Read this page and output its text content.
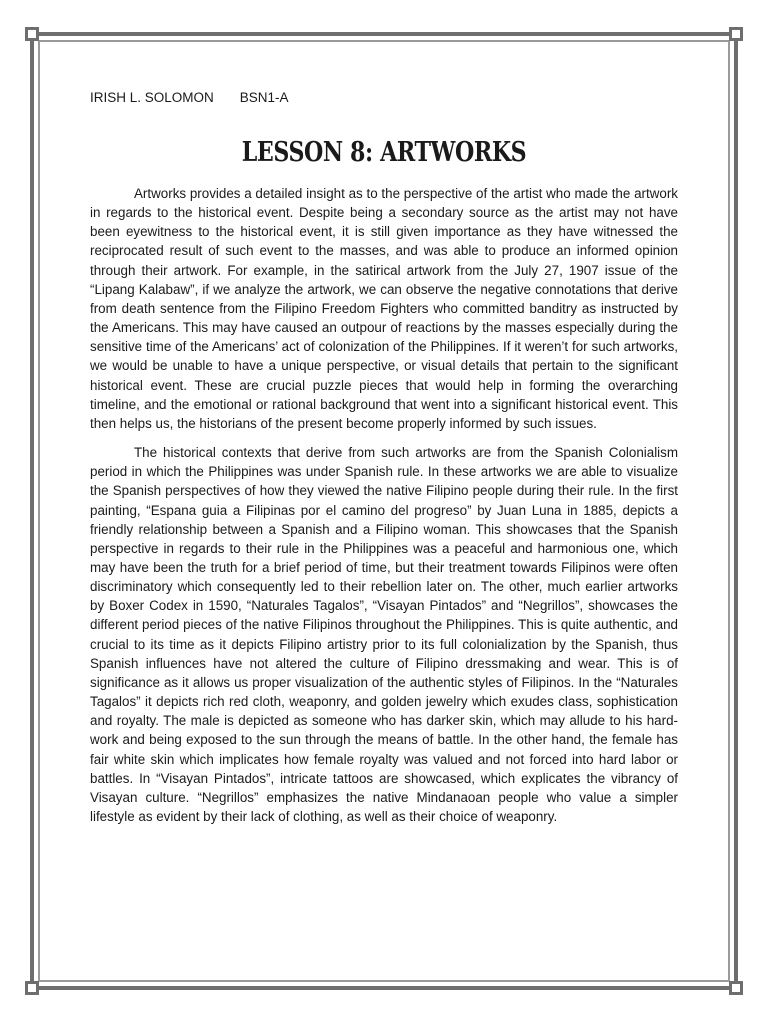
IRISH L. SOLOMON BSN1-A
LESSON 8: ARTWORKS

Artworks provides a detailed insight as to the perspective of the artist who made the artwork in regards to the historical event. Despite being a secondary source as the artist may not have been eyewitness to the historical event, it is still given importance as they have witnessed the reciprocated result of such event to the masses, and was able to produce an informed opinion through their artwork. For example, in the satirical artwork from the July 27, 1907 issue of the “Lipang Kalabaw”, if we analyze the artwork, we can observe the negative connotations that derive from death sentence from the Filipino Freedom Fighters who committed banditry as instructed by the Americans. This may have caused an outpour of reactions by the masses especially during the sensitive time of the Americans’ act of colonization of the Philippines. If it weren’t for such artworks, we would be unable to have a unique perspective, or visual details that pertain to the significant historical event. These are crucial puzzle pieces that would help in forming the overarching timeline, and the emotional or rational background that went into a significant historical event. This then helps us, the historians of the present become properly informed by such issues.

The historical contexts that derive from such artworks are from the Spanish Colonialism period in which the Philippines was under Spanish rule. In these artworks we are able to visualize the Spanish perspectives of how they viewed the native Filipino people during their rule. In the first painting, “Espana guia a Filipinas por el camino del progreso” by Juan Luna in 1885, depicts a friendly relationship between a Spanish and a Filipino woman. This showcases that the Spanish perspective in regards to their rule in the Philippines was a peaceful and harmonious one, which may have been the truth for a brief period of time, but their treatment towards Filipinos were often discriminatory which consequently led to their rebellion later on. The other, much earlier artworks by Boxer Codex in 1590, “Naturales Tagalos”, “Visayan Pintados” and “Negrillos”, showcases the different period pieces of the native Filipinos throughout the Philippines. This is quite authentic, and crucial to its time as it depicts Filipino artistry prior to its full colonialization by the Spanish, thus Spanish influences have not altered the culture of Filipino dressmaking and wear. This is of significance as it allows us proper visualization of the authentic styles of Filipinos. In the “Naturales Tagalos” it depicts rich red cloth, weaponry, and golden jewelry which exudes class, sophistication and royalty. The male is depicted as someone who has darker skin, which may allude to his hard-work and being exposed to the sun through the means of battle. In the other hand, the female has fair white skin which implicates how female royalty was valued and not forced into hard labor or battles. In “Visayan Pintados”, intricate tattoos are showcased, which explicates the vibrancy of Visayan culture. “Negrillos” emphasizes the native Mindanaoan people who value a simpler lifestyle as evident by their lack of clothing, as well as their choice of weaponry.
